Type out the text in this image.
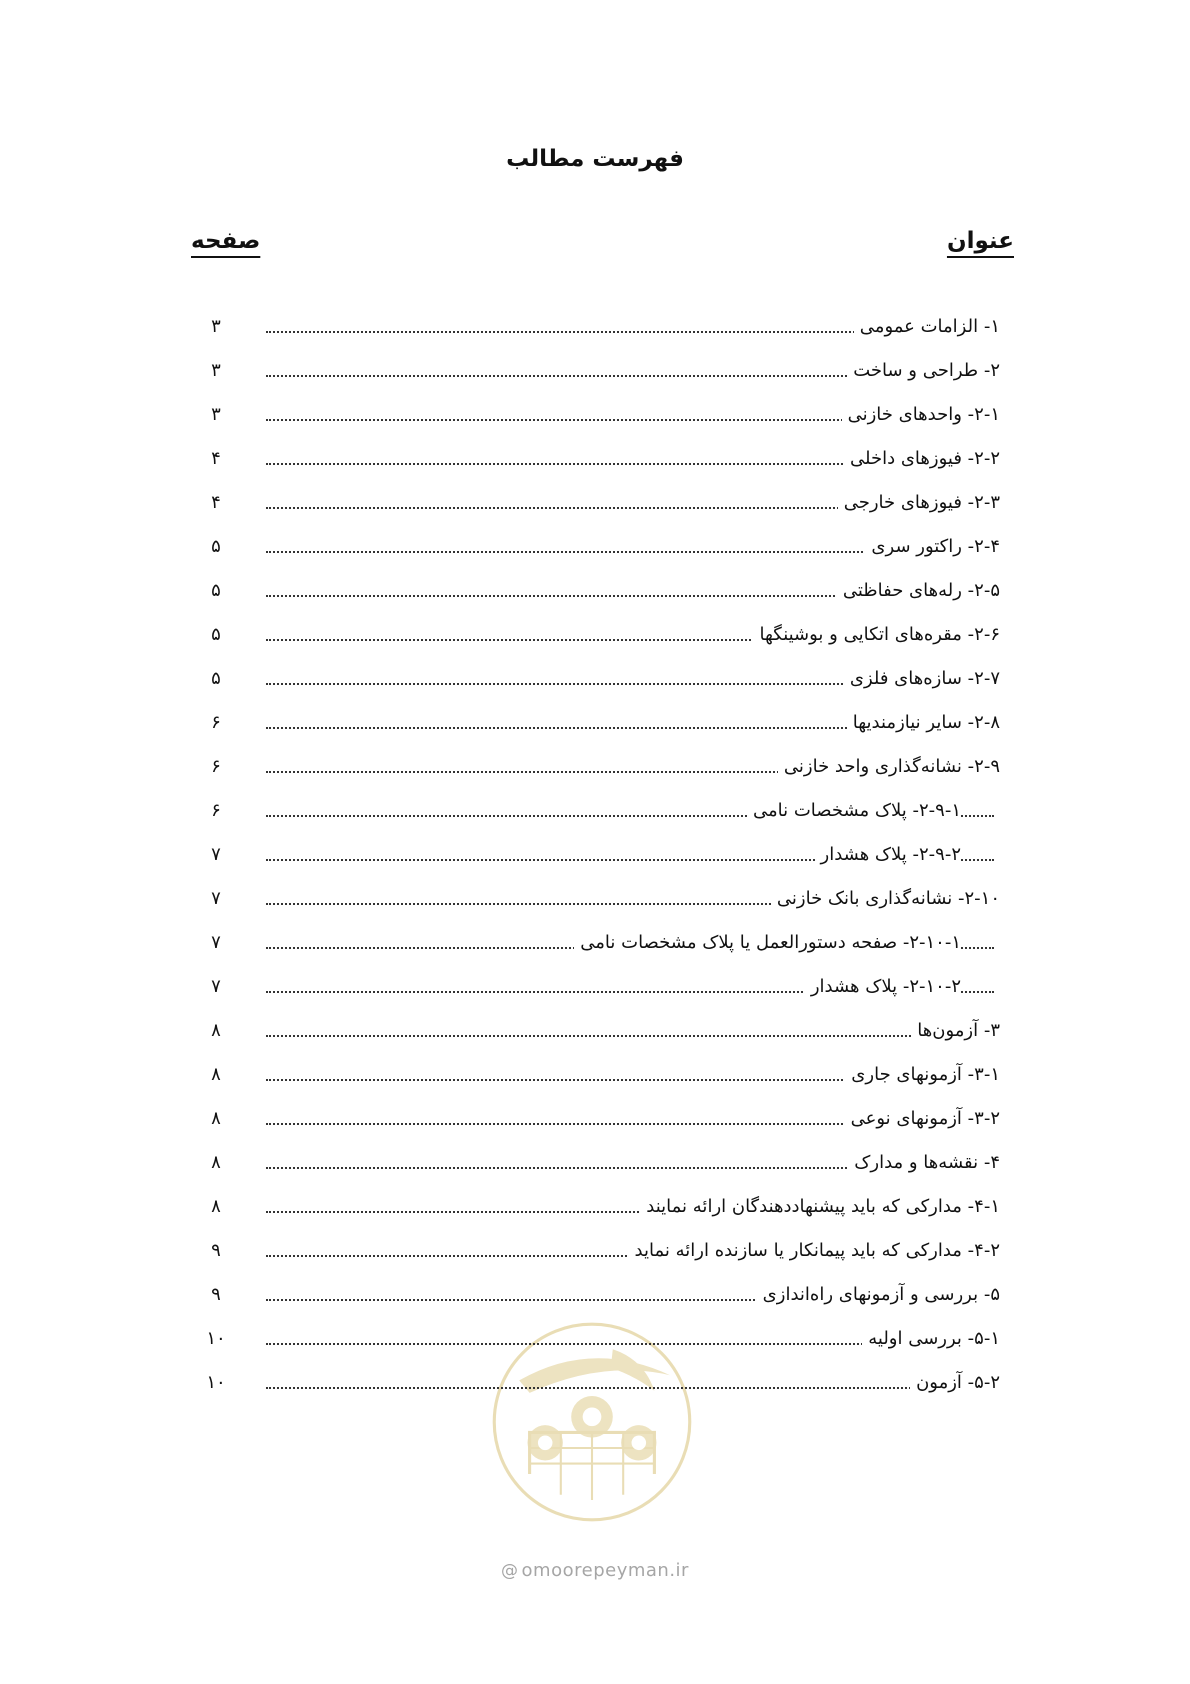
فهرست مطالب
عنوان
صفحه
۱- الزامات عمومی
۳
۲- طراحی و ساخت
۳
۲-۱- واحدهای خازنی
۳
۲-۲- فیوزهای داخلی
۴
۲-۳- فیوزهای خارجی
۴
۲-۴- راکتور سری
۵
۲-۵- رله‌های حفاظتی
۵
۲-۶- مقره‌های اتکایی و بوشینگها
۵
۲-۷- سازه‌های فلزی
۵
۲-۸- سایر نیازمندیها
۶
۲-۹- نشانه‌گذاری واحد خازنی
۶
۲-۹-۱- پلاک مشخصات نامی
۶
۲-۹-۲- پلاک هشدار
۷
۲-۱۰- نشانه‌گذاری بانک خازنی
۷
۲-۱۰-۱- صفحه دستورالعمل یا پلاک مشخصات نامی
۷
۲-۱۰-۲- پلاک هشدار
۷
۳- آزمون‌ها
۸
۳-۱- آزمونهای جاری
۸
۳-۲- آزمونهای نوعی
۸
۴- نقشه‌ها و مدارک
۸
۴-۱- مدارکی که باید پیشنهاددهندگان ارائه نمایند
۸
۴-۲- مدارکی که باید پیمانکار یا سازنده ارائه نماید
۹
۵- بررسی و آزمونهای راه‌اندازی
۹
۵-۱- بررسی اولیه
۱۰
۵-۲- آزمون
۱۰
@ omoorepeyman.ir
